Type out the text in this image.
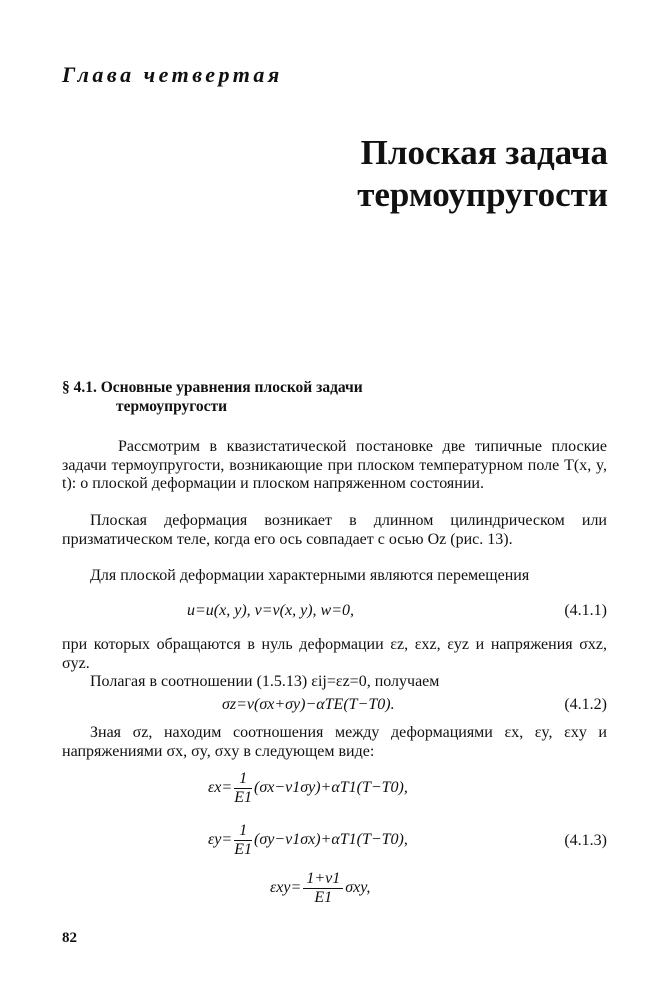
Глава четвертая
Плоская задача
термоупругости
§ 4.1. Основные уравнения плоской задачи
термоупругости
Рассмотрим в квазистатической постановке две типичные плоские задачи термоупругости, возникающие при плоском температурном поле T(x, y, t): о плоской деформации и плоском напряженном состоянии.
Плоская деформация возникает в длинном цилиндрическом или призматическом теле, когда его ось совпадает с осью Oz (рис. 13).
Для плоской деформации характерными являются перемещения
u=u(x, y), v=v(x, y), w=0,	(4.1.1)
при которых обращаются в нуль деформации εz, εxz, εyz и напряжения σxz, σyz.
Полагая в соотношении (1.5.13) εij=εz=0, получаем
σz=ν(σx+σy)−αTE(T−T0).	(4.1.2)
Зная σz, находим соотношения между деформациями εx, εy, εxy и напряжениями σx, σy, σxy в следующем виде:
$\varepsilon x= \frac{1}{E1} (\sigma x-\nu 1\sigma y)+\alpha T1(T-T0)$,
$\varepsilon y= \frac{1}{E1} (\sigma y-\nu 1\sigma x)+\alpha T1(T-T0)$,	(4.1.3)
$\varepsilon xy= \frac{1+\nu 1}{E1} \sigma xy$,
82
